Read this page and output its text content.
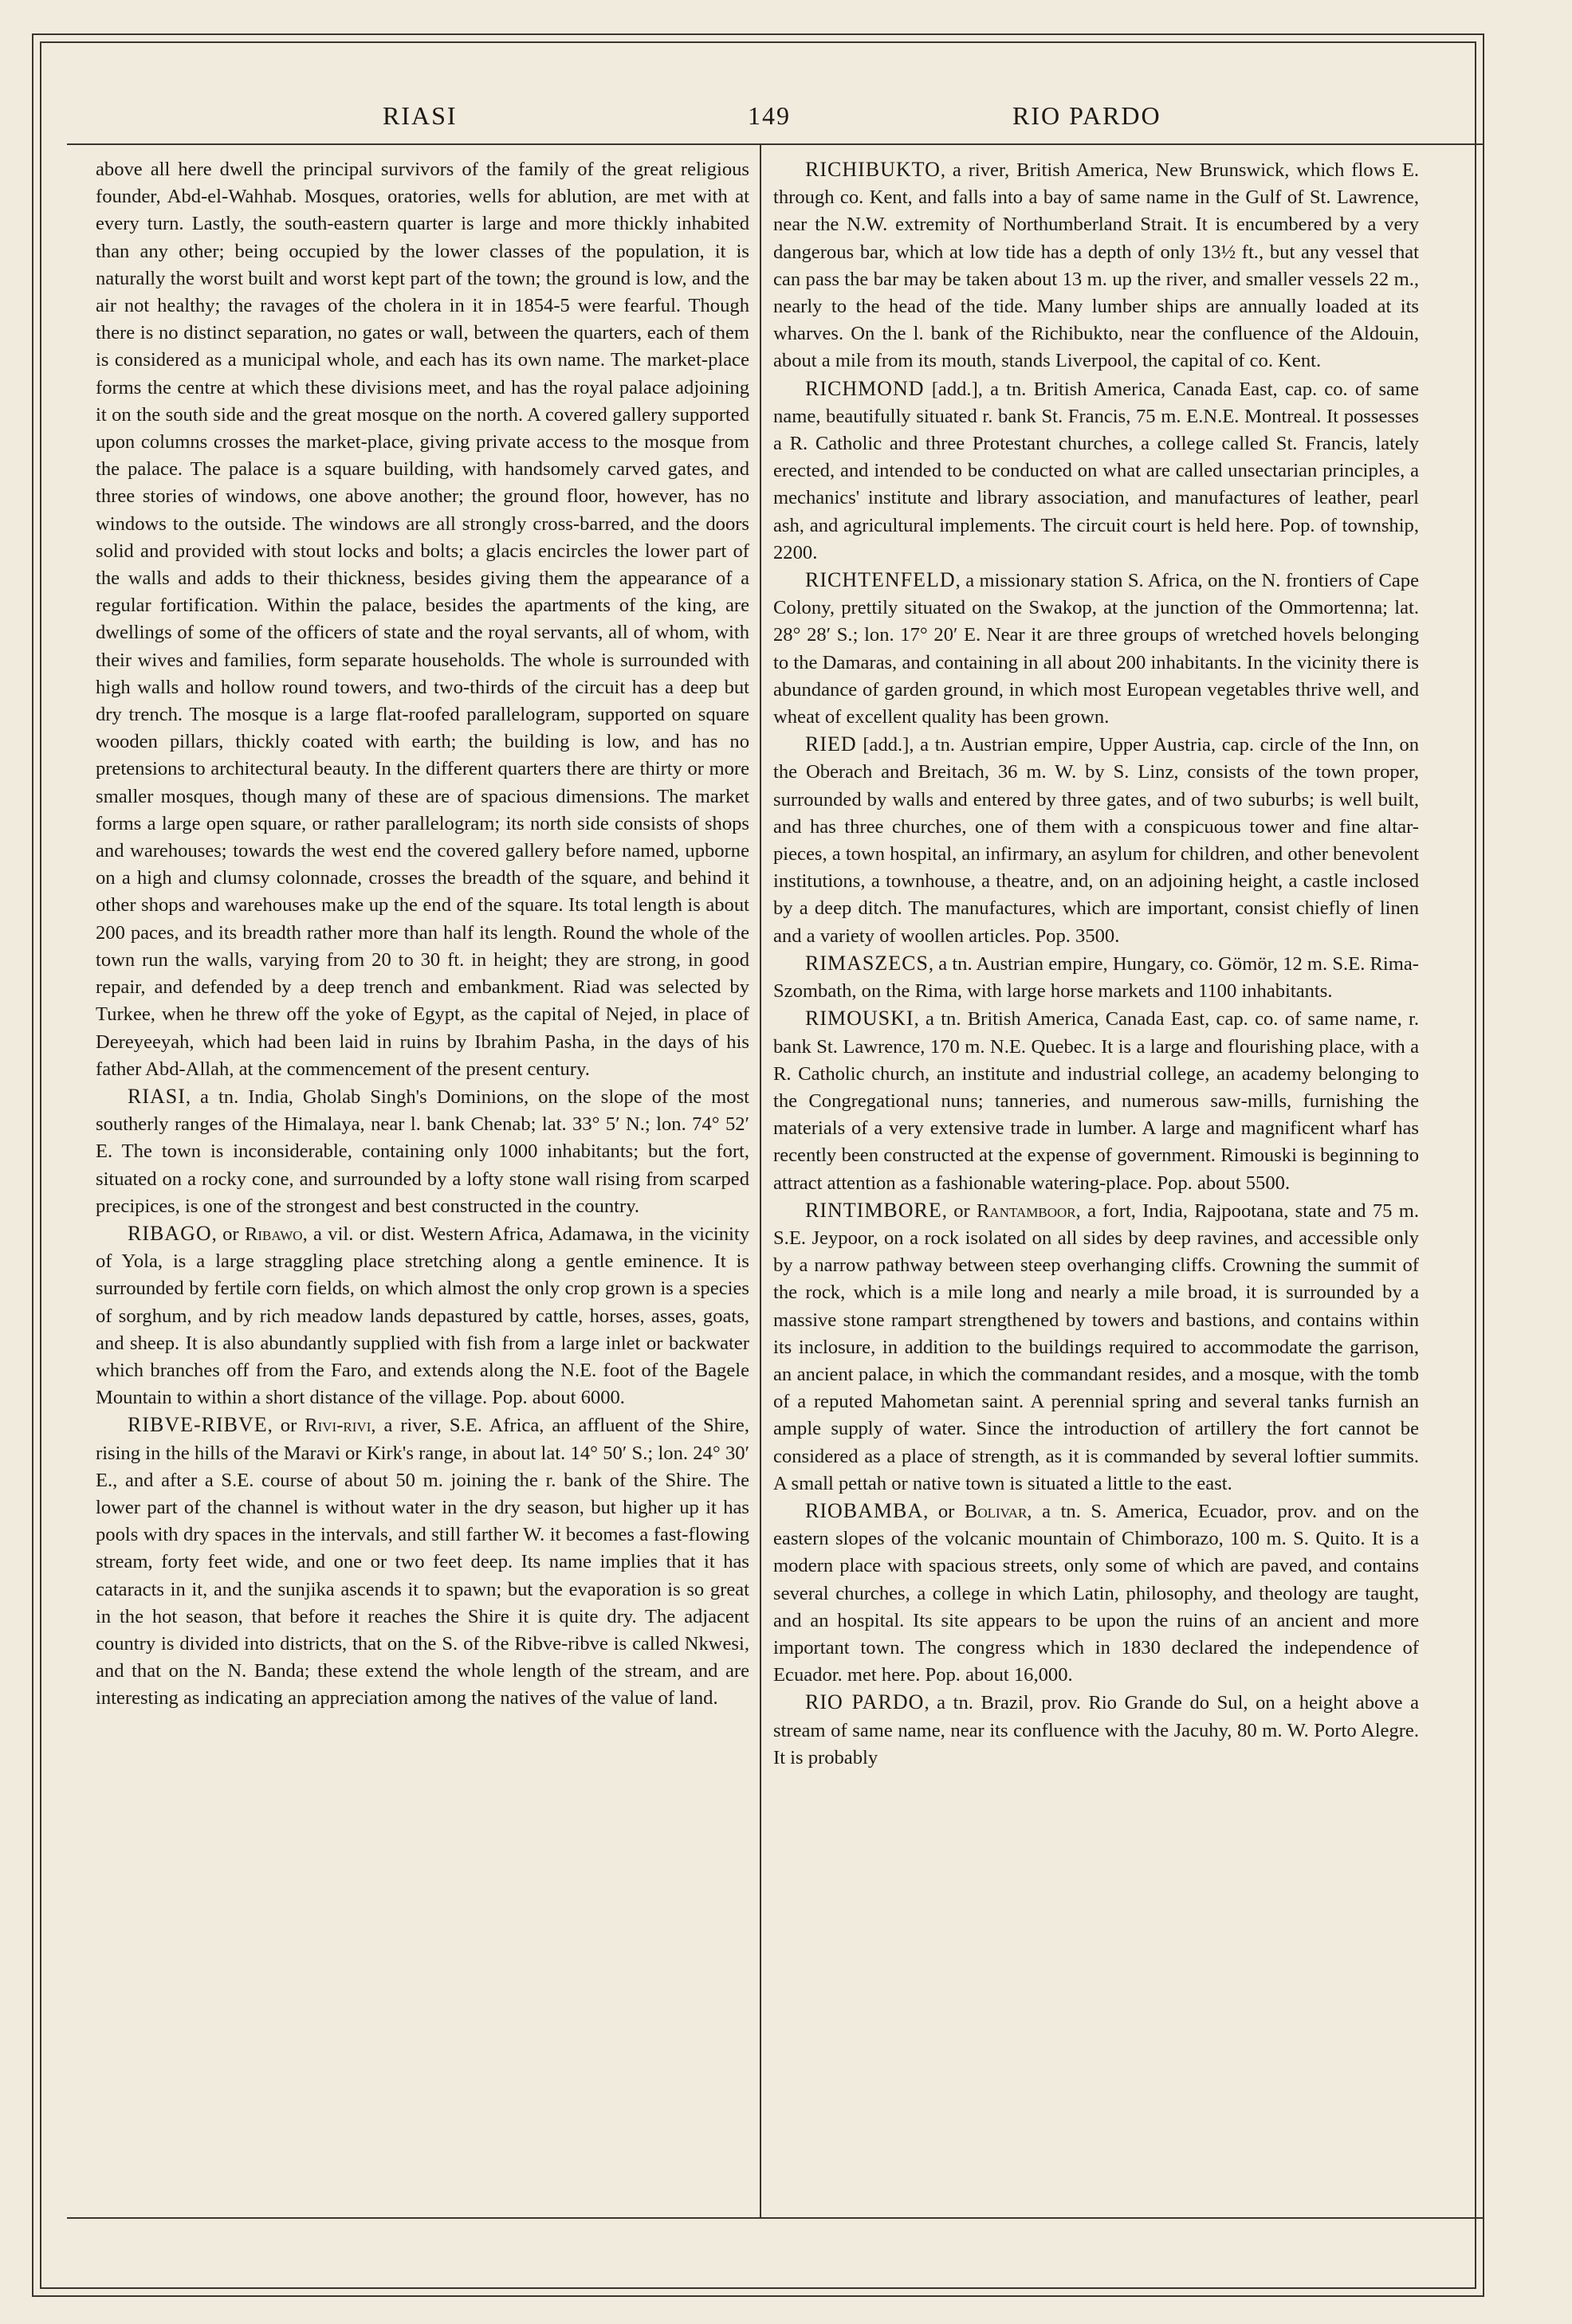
RIASI	149	RIO PARDO

above all here dwell the principal survivors of the family of the great religious founder, Abd-el-Wahhab. Mosques, oratories, wells for ablution, are met with at every turn. Lastly, the south-eastern quarter is large and more thickly inhabited than any other; being occupied by the lower classes of the population, it is naturally the worst built and worst kept part of the town; the ground is low, and the air not healthy; the ravages of the cholera in it in 1854-5 were fearful. Though there is no distinct separation, no gates or wall, between the quarters, each of them is considered as a municipal whole, and each has its own name. The market-place forms the centre at which these divisions meet, and has the royal palace adjoining it on the south side and the great mosque on the north. A covered gallery supported upon columns crosses the market-place, giving private access to the mosque from the palace. The palace is a square building, with handsomely carved gates, and three stories of windows, one above another; the ground floor, however, has no windows to the outside. The windows are all strongly cross-barred, and the doors solid and provided with stout locks and bolts; a glacis encircles the lower part of the walls and adds to their thickness, besides giving them the appearance of a regular fortification. Within the palace, besides the apartments of the king, are dwellings of some of the officers of state and the royal servants, all of whom, with their wives and families, form separate households. The whole is surrounded with high walls and hollow round towers, and two-thirds of the circuit has a deep but dry trench. The mosque is a large flat-roofed parallelogram, supported on square wooden pillars, thickly coated with earth; the building is low, and has no pretensions to architectural beauty. In the different quarters there are thirty or more smaller mosques, though many of these are of spacious dimensions. The market forms a large open square, or rather parallelogram; its north side consists of shops and warehouses; towards the west end the covered gallery before named, upborne on a high and clumsy colonnade, crosses the breadth of the square, and behind it other shops and warehouses make up the end of the square. Its total length is about 200 paces, and its breadth rather more than half its length. Round the whole of the town run the walls, varying from 20 to 30 ft. in height; they are strong, in good repair, and defended by a deep trench and embankment. Riad was selected by Turkee, when he threw off the yoke of Egypt, as the capital of Nejed, in place of Dereyeeyah, which had been laid in ruins by Ibrahim Pasha, in the days of his father Abd-Allah, at the commencement of the present century.

RIASI, a tn. India, Gholab Singh's Dominions, on the slope of the most southerly ranges of the Himalaya, near l. bank Chenab; lat. 33° 5′ N.; lon. 74° 52′ E. The town is inconsiderable, containing only 1000 inhabitants; but the fort, situated on a rocky cone, and surrounded by a lofty stone wall rising from scarped precipices, is one of the strongest and best constructed in the country.

RIBAGO, or Ribawo, a vil. or dist. Western Africa, Adamawa, in the vicinity of Yola, is a large straggling place stretching along a gentle eminence. It is surrounded by fertile corn fields, on which almost the only crop grown is a species of sorghum, and by rich meadow lands depastured by cattle, horses, asses, goats, and sheep. It is also abundantly supplied with fish from a large inlet or backwater which branches off from the Faro, and extends along the N.E. foot of the Bagele Mountain to within a short distance of the village. Pop. about 6000.

RIBVE-RIBVE, or Rivi-rivi, a river, S.E. Africa, an affluent of the Shire, rising in the hills of the Maravi or Kirk's range, in about lat. 14° 50′ S.; lon. 24° 30′ E., and after a S.E. course of about 50 m. joining the r. bank of the Shire. The lower part of the channel is without water in the dry season, but higher up it has pools with dry spaces in the intervals, and still farther W. it becomes a fast-flowing stream, forty feet wide, and one or two feet deep. Its name implies that it has cataracts in it, and the sunjika ascends it to spawn; but the evaporation is so great in the hot season, that before it reaches the Shire it is quite dry. The adjacent country is divided into districts, that on the S. of the Ribve-ribve is called Nkwesi, and that on the N. Banda; these extend the whole length of the stream, and are interesting as indicating an appreciation among the natives of the value of land.

RICHIBUKTO, a river, British America, New Brunswick, which flows E. through co. Kent, and falls into a bay of same name in the Gulf of St. Lawrence, near the N.W. extremity of Northumberland Strait. It is encumbered by a very dangerous bar, which at low tide has a depth of only 13½ ft., but any vessel that can pass the bar may be taken about 13 m. up the river, and smaller vessels 22 m., nearly to the head of the tide. Many lumber ships are annually loaded at its wharves. On the l. bank of the Richibukto, near the confluence of the Aldouin, about a mile from its mouth, stands Liverpool, the capital of co. Kent.

RICHMOND [add.], a tn. British America, Canada East, cap. co. of same name, beautifully situated r. bank St. Francis, 75 m. E.N.E. Montreal. It possesses a R. Catholic and three Protestant churches, a college called St. Francis, lately erected, and intended to be conducted on what are called unsectarian principles, a mechanics' institute and library association, and manufactures of leather, pearl ash, and agricultural implements. The circuit court is held here. Pop. of township, 2200.

RICHTENFELD, a missionary station S. Africa, on the N. frontiers of Cape Colony, prettily situated on the Swakop, at the junction of the Ommortenna; lat. 28° 28′ S.; lon. 17° 20′ E. Near it are three groups of wretched hovels belonging to the Damaras, and containing in all about 200 inhabitants. In the vicinity there is abundance of garden ground, in which most European vegetables thrive well, and wheat of excellent quality has been grown.

RIED [add.], a tn. Austrian empire, Upper Austria, cap. circle of the Inn, on the Oberach and Breitach, 36 m. W. by S. Linz, consists of the town proper, surrounded by walls and entered by three gates, and of two suburbs; is well built, and has three churches, one of them with a conspicuous tower and fine altar-pieces, a town hospital, an infirmary, an asylum for children, and other benevolent institutions, a townhouse, a theatre, and, on an adjoining height, a castle inclosed by a deep ditch. The manufactures, which are important, consist chiefly of linen and a variety of woollen articles. Pop. 3500.

RIMASZECS, a tn. Austrian empire, Hungary, co. Gömör, 12 m. S.E. Rima-Szombath, on the Rima, with large horse markets and 1100 inhabitants.

RIMOUSKI, a tn. British America, Canada East, cap. co. of same name, r. bank St. Lawrence, 170 m. N.E. Quebec. It is a large and flourishing place, with a R. Catholic church, an institute and industrial college, an academy belonging to the Congregational nuns; tanneries, and numerous saw-mills, furnishing the materials of a very extensive trade in lumber. A large and magnificent wharf has recently been constructed at the expense of government. Rimouski is beginning to attract attention as a fashionable watering-place. Pop. about 5500.

RINTIMBORE, or Rantamboor, a fort, India, Rajpootana, state and 75 m. S.E. Jeypoor, on a rock isolated on all sides by deep ravines, and accessible only by a narrow pathway between steep overhanging cliffs. Crowning the summit of the rock, which is a mile long and nearly a mile broad, it is surrounded by a massive stone rampart strengthened by towers and bastions, and contains within its inclosure, in addition to the buildings required to accommodate the garrison, an ancient palace, in which the commandant resides, and a mosque, with the tomb of a reputed Mahometan saint. A perennial spring and several tanks furnish an ample supply of water. Since the introduction of artillery the fort cannot be considered as a place of strength, as it is commanded by several loftier summits. A small pettah or native town is situated a little to the east.

RIOBAMBA, or Bolivar, a tn. S. America, Ecuador, prov. and on the eastern slopes of the volcanic mountain of Chimborazo, 100 m. S. Quito. It is a modern place with spacious streets, only some of which are paved, and contains several churches, a college in which Latin, philosophy, and theology are taught, and an hospital. Its site appears to be upon the ruins of an ancient and more important town. The congress which in 1830 declared the independence of Ecuador. met here. Pop. about 16,000.

RIO PARDO, a tn. Brazil, prov. Rio Grande do Sul, on a height above a stream of same name, near its confluence with the Jacuhy, 80 m. W. Porto Alegre. It is probably
